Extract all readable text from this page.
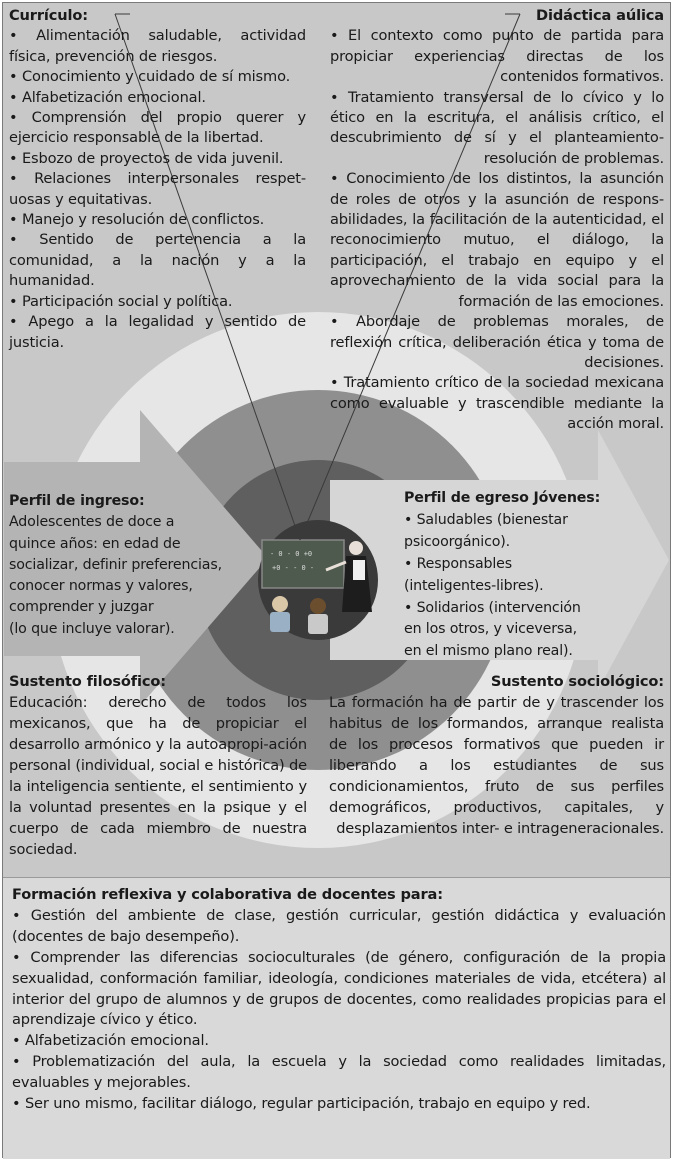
- 0 - 0 +0
+0 - - 0 -

Currículo:

• Alimentación saludable, actividad física, prevención de riesgos.

• Conocimiento y cuidado de sí mismo.

• Alfabetización emocional.

• Comprensión del propio querer y ejercicio responsable de la libertad.

• Esbozo de proyectos de vida juvenil.

• Relaciones interpersonales respet-uosas y equitativas.

• Manejo y resolución de conflictos.

• Sentido de pertenencia a la comunidad, a la nación y a la humanidad.

• Participación social y política.

• Apego a la legalidad y sentido de justicia.

Didáctica aúlica

• El contexto como punto de partida para propiciar experiencias directas de los contenidos formativos.

• Tratamiento transversal de lo cívico y lo ético en la escritura, el análisis crítico, el descubrimiento de sí y el planteamiento-resolución de problemas.

• Conocimiento de los distintos, la asunción de roles de otros y la asunción de respons-abilidades, la facilitación de la autenticidad, el reconocimiento mutuo, el diálogo, la participación, el trabajo en equipo y el aprovechamiento de la vida social para la formación de las emociones.

• Abordaje de problemas morales, de reflexión crítica, deliberación ética y toma de decisiones.

• Tratamiento crítico de la sociedad mexicana como evaluable y trascendible mediante la acción moral.

Perfil de ingreso:

Adolescentes de doce a

quince años: en edad de

socializar, definir preferencias,

conocer normas y valores,

comprender y juzgar

(lo que incluye valorar).

Perfil de egreso Jóvenes:

• Saludables (bienestar

psicoorgánico).

• Responsables

(inteligentes-libres).

• Solidarios (intervención

en los otros, y viceversa,

en el mismo plano real).

Sustento filosófico:

Educación: derecho de todos los mexicanos, que ha de propiciar el desarrollo armónico y la autoapropi-ación personal (individual, social e histórica) de la inteligencia sentiente, el sentimiento y la voluntad presentes en la psique y el cuerpo de cada miembro de nuestra sociedad.

Sustento sociológico:

La formación ha de partir de y trascender los habitus de los formandos, arranque realista de los procesos formativos que pueden ir liberando a los estudiantes de sus condicionamientos, fruto de sus perfiles demográficos, productivos, capitales, y desplazamientos inter- e intrageneracionales.

Formación reflexiva y colaborativa de docentes para:

• Gestión del ambiente de clase, gestión curricular, gestión didáctica y evaluación (docentes de bajo desempeño).

• Comprender las diferencias socioculturales (de género, configuración de la propia sexualidad, conformación familiar, ideología, condiciones materiales de vida, etcétera) al interior del grupo de alumnos y de grupos de docentes, como realidades propicias para el aprendizaje cívico y ético.

• Alfabetización emocional.

• Problematización del aula, la escuela y la sociedad como realidades limitadas, evaluables y mejorables.

• Ser uno mismo, facilitar diálogo, regular participación, trabajo en equipo y red.
